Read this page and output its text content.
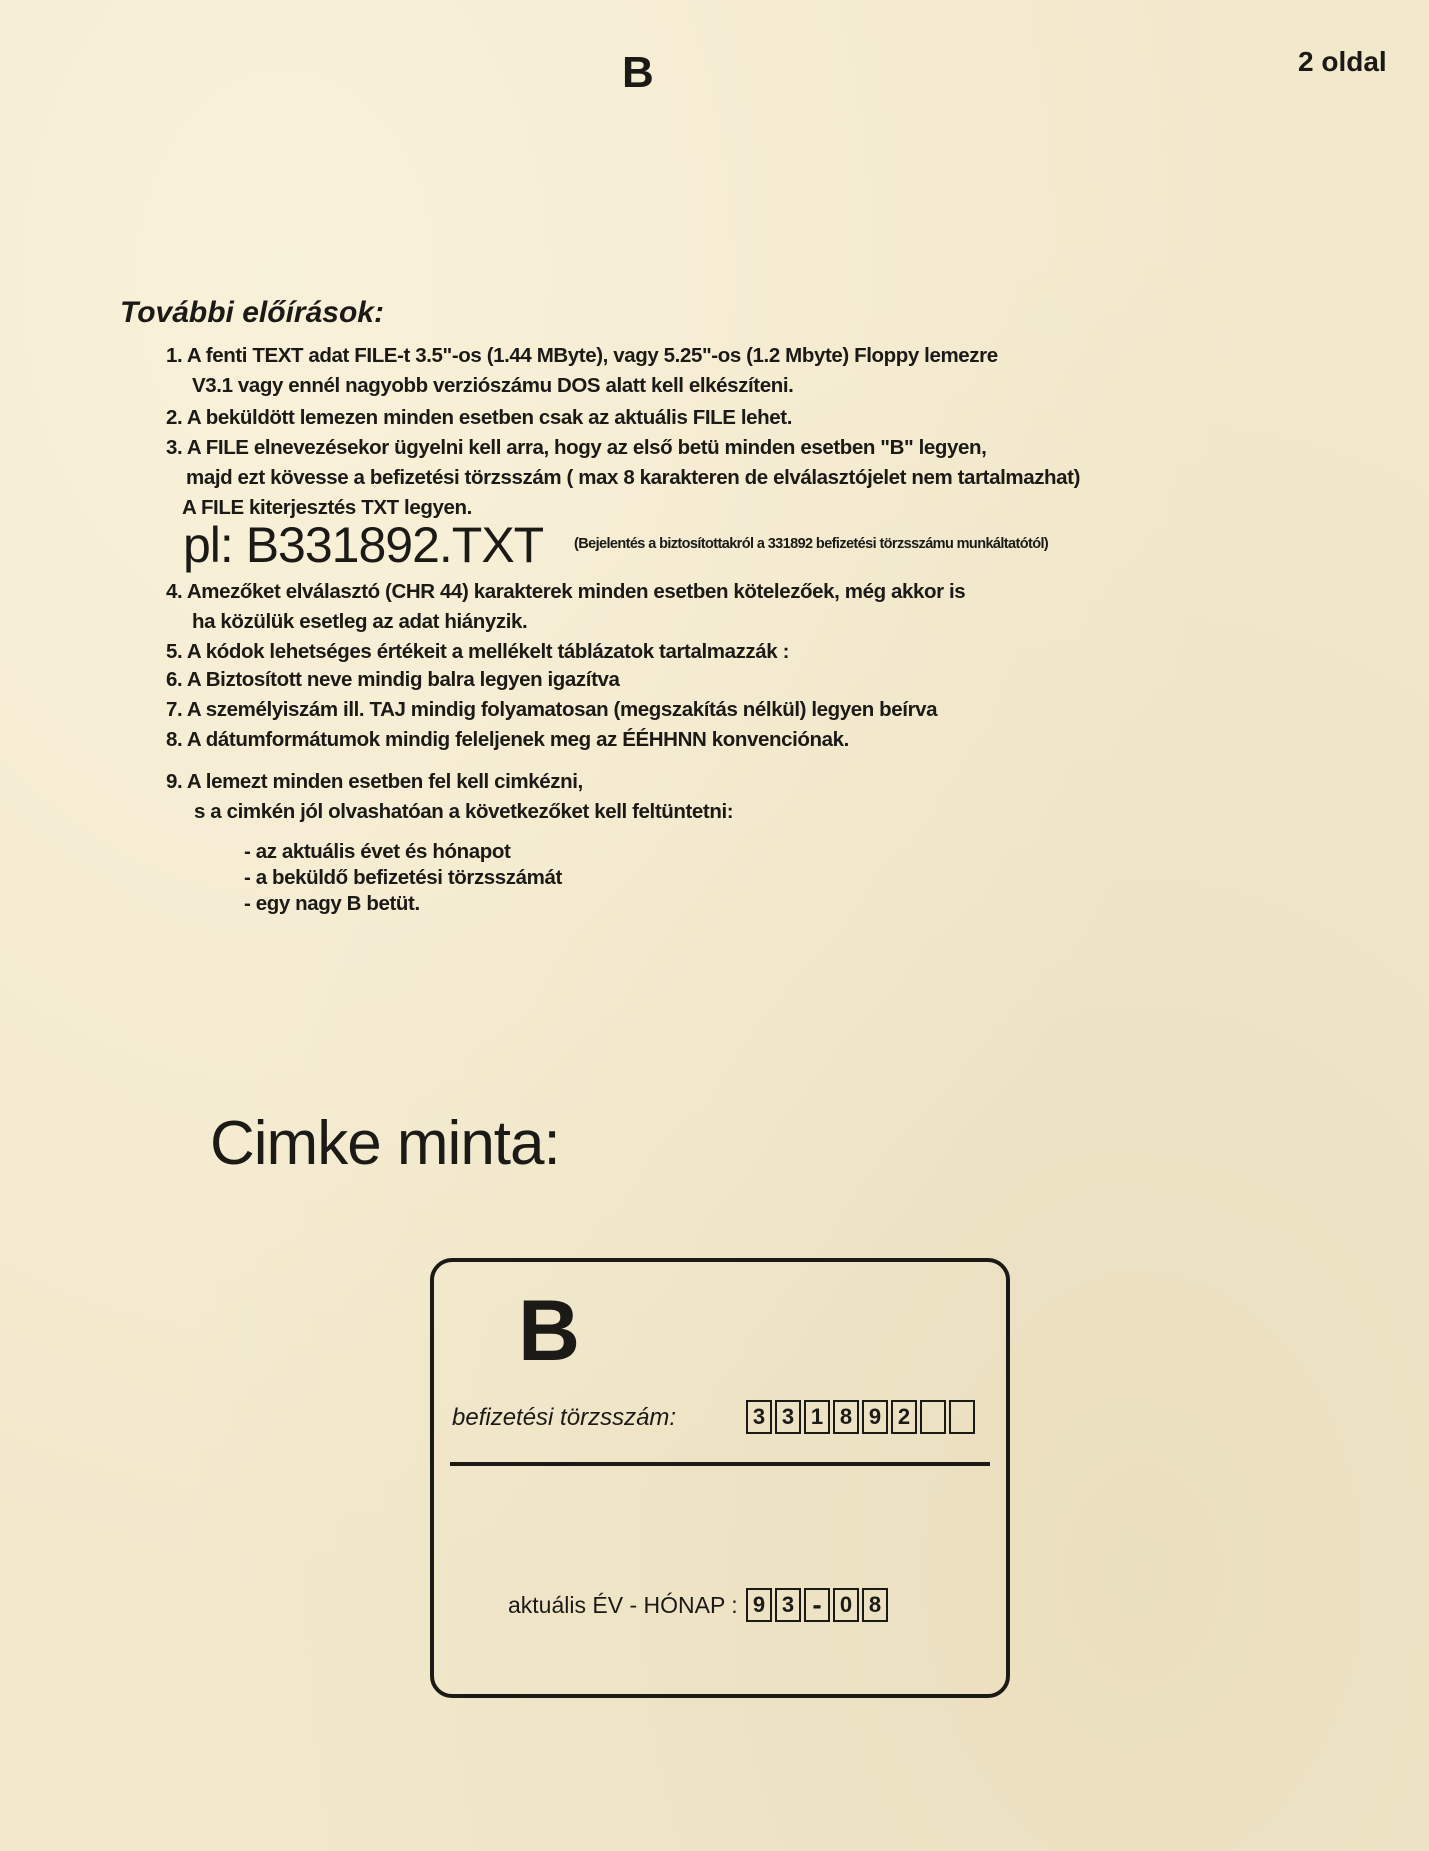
B	2 oldal
További előírások:
1. A fenti TEXT adat FILE-t 3.5"-os (1.44 MByte), vagy 5.25"-os (1.2 Mbyte) Floppy lemezre
V3.1 vagy ennél nagyobb verziószámu DOS alatt kell elkészíteni.
2. A beküldött lemezen minden esetben csak az aktuális FILE lehet.
3. A FILE elnevezésekor ügyelni kell arra, hogy az első betü minden esetben "B" legyen,
majd ezt kövesse a befizetési törzsszám ( max 8 karakteren de elválasztójelet nem tartalmazhat)
A FILE kiterjesztés TXT legyen.
pl: B331892.TXT (Bejelentés a biztosítottakról a 331892 befizetési törzsszámu munkáltatótól)
4. Amezőket elválasztó (CHR 44) karakterek minden esetben kötelezőek, még akkor is
ha közülük esetleg az adat hiányzik.
5. A kódok lehetséges értékeit a mellékelt táblázatok tartalmazzák :
6. A Biztosított neve mindig balra legyen igazítva
7. A személyiszám ill. TAJ mindig folyamatosan (megszakítás nélkül) legyen beírva
8. A dátumformátumok mindig feleljenek meg az ÉÉHHNN konvenciónak.
9. A lemezt minden esetben fel kell cimkézni,
s a cimkén jól olvashatóan a következőket kell feltüntetni:
- az aktuális évet és hónapot
- a beküldő befizetési törzsszámát
- egy nagy B betüt.
Cimke minta:
B
befizetési törzsszám:	3 3 1 8 9 2
aktuális ÉV - HÓNAP : 9 3 - 0 8
